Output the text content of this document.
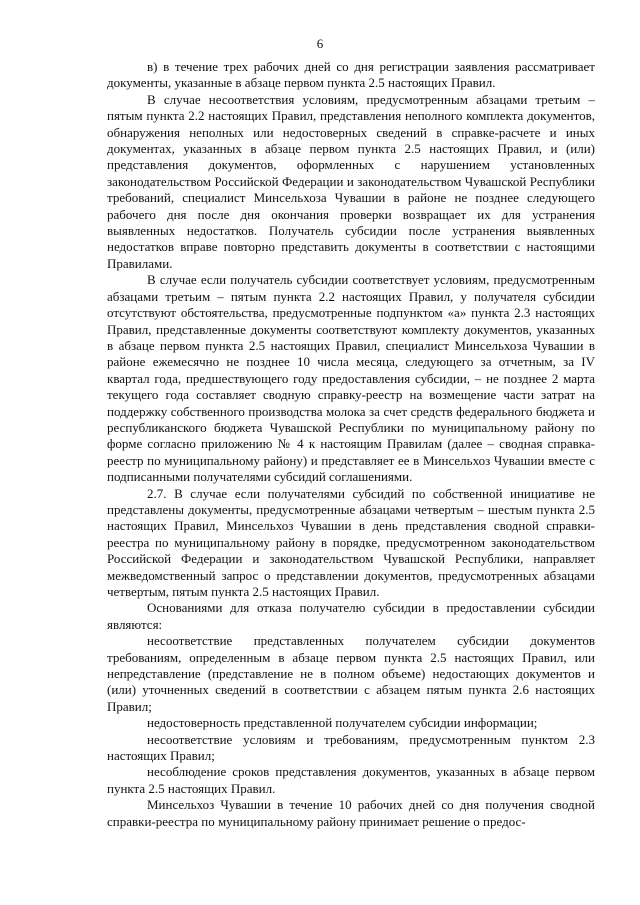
6

в) в течение трех рабочих дней со дня регистрации заявления рассматривает документы, указанные в абзаце первом пункта 2.5 настоящих Правил.

В случае несоответствия условиям, предусмотренным абзацами третьим – пятым пункта 2.2 настоящих Правил, представления неполного комплекта документов, обнаружения неполных или недостоверных сведений в справке-расчете и иных документах, указанных в абзаце первом пункта 2.5 настоящих Правил, и (или) представления документов, оформленных с нарушением установленных законодательством Российской Федерации и законодательством Чувашской Республики требований, специалист Минсельхоза Чувашии в районе не позднее следующего рабочего дня после дня окончания проверки возвращает их для устранения выявленных недостатков. Получатель субсидии после устранения выявленных недостатков вправе повторно представить документы в соответствии с настоящими Правилами.

В случае если получатель субсидии соответствует условиям, предусмотренным абзацами третьим – пятым пункта 2.2 настоящих Правил, у получателя субсидии отсутствуют обстоятельства, предусмотренные подпунктом «а» пункта 2.3 настоящих Правил, представленные документы соответствуют комплекту документов, указанных в абзаце первом пункта 2.5 настоящих Правил, специалист Минсельхоза Чувашии в районе ежемесячно не позднее 10 числа месяца, следующего за отчетным, за IV квартал года, предшествующего году предоставления субсидии, – не позднее 2 марта текущего года составляет сводную справку-реестр на возмещение части затрат на поддержку собственного производства молока за счет средств федерального бюджета и республиканского бюджета Чувашской Республики по муниципальному району по форме согласно приложению № 4 к настоящим Правилам (далее – сводная справка-реестр по муниципальному району) и представляет ее в Минсельхоз Чувашии вместе с подписанными получателями субсидий соглашениями.

2.7. В случае если получателями субсидий по собственной инициативе не представлены документы, предусмотренные абзацами четвертым – шестым пункта 2.5 настоящих Правил, Минсельхоз Чувашии в день представления сводной справки-реестра по муниципальному району в порядке, предусмотренном законодательством Российской Федерации и законодательством Чувашской Республики, направляет межведомственный запрос о представлении документов, предусмотренных абзацами четвертым, пятым пункта 2.5 настоящих Правил.

Основаниями для отказа получателю субсидии в предоставлении субсидии являются:

несоответствие представленных получателем субсидии документов требованиям, определенным в абзаце первом пункта 2.5 настоящих Правил, или непредставление (представление не в полном объеме) недостающих документов и (или) уточненных сведений в соответствии с абзацем пятым пункта 2.6 настоящих Правил;

недостоверность представленной получателем субсидии информации;

несоответствие условиям и требованиям, предусмотренным пунктом 2.3 настоящих Правил;

несоблюдение сроков представления документов, указанных в абзаце первом пункта 2.5 настоящих Правил.

Минсельхоз Чувашии в течение 10 рабочих дней со дня получения сводной справки-реестра по муниципальному району принимает решение о предос-
